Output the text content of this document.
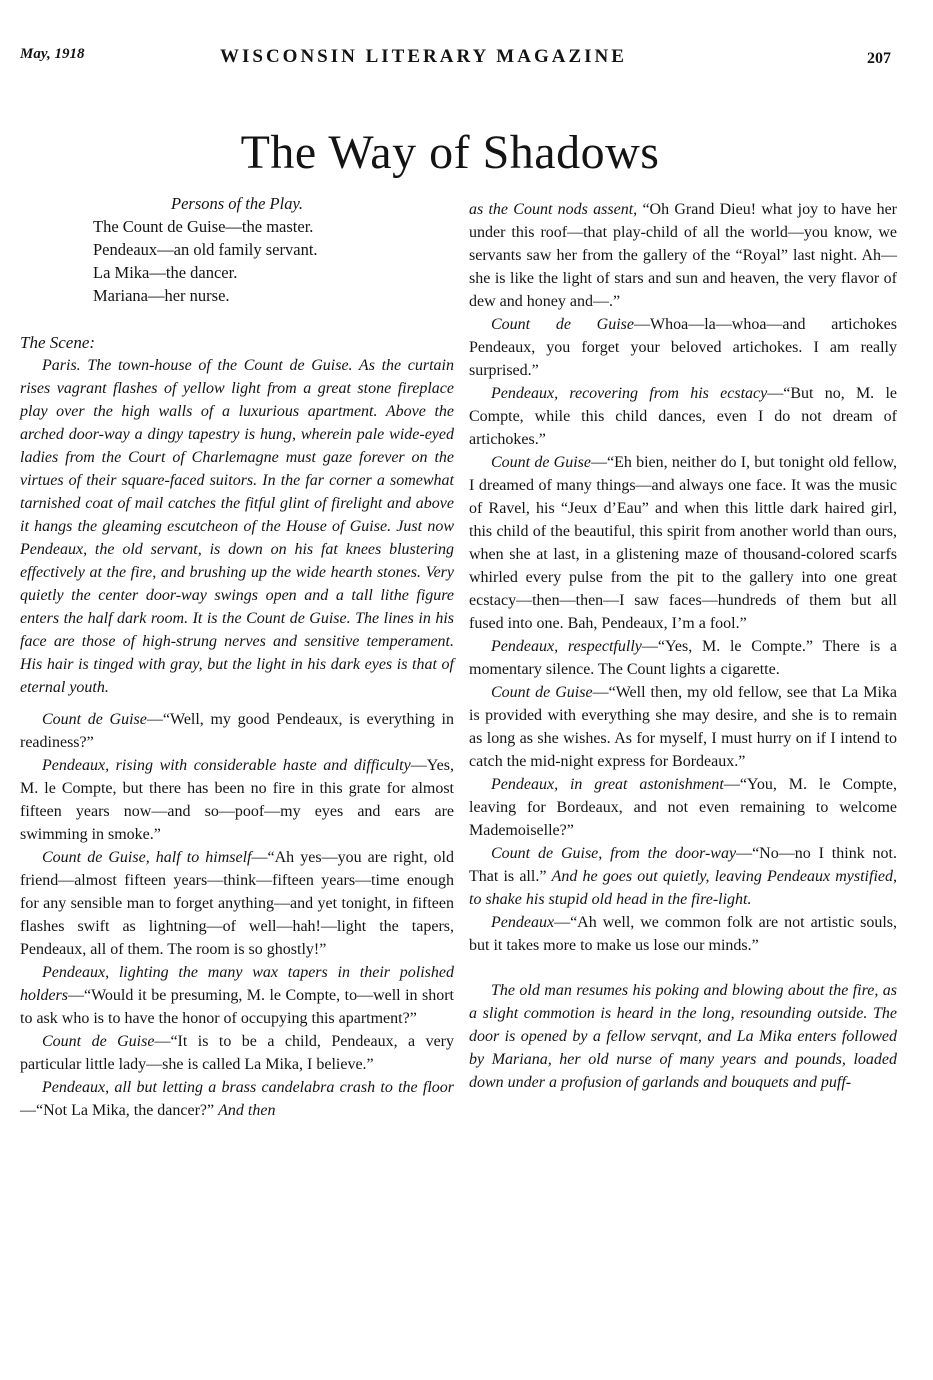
May, 1918	WISCONSIN LITERARY MAGAZINE	207
The Way of Shadows

Persons of the Play.

The Count de Guise—the master.
Pendeaux—an old family servant.
La Mika—the dancer.
Mariana—her nurse.

The Scene:

Paris. The town-house of the Count de Guise. As the curtain rises vagrant flashes of yellow light from a great stone fireplace play over the high walls of a luxurious apartment. Above the arched door-way a dingy tapestry is hung, wherein pale wide-eyed ladies from the Court of Charlemagne must gaze forever on the virtues of their square-faced suitors. In the far corner a somewhat tarnished coat of mail catches the fitful glint of firelight and above it hangs the gleaming escutcheon of the House of Guise. Just now Pendeaux, the old servant, is down on his fat knees blustering effectively at the fire, and brushing up the wide hearth stones. Very quietly the center door-way swings open and a tall lithe figure enters the half dark room. It is the Count de Guise. The lines in his face are those of high-strung nerves and sensitive temperament. His hair is tinged with gray, but the light in his dark eyes is that of eternal youth.

Count de Guise—“Well, my good Pendeaux, is everything in readiness?”

Pendeaux, rising with considerable haste and difficulty—Yes, M. le Compte, but there has been no fire in this grate for almost fifteen years now—and so—poof—my eyes and ears are swimming in smoke.”

Count de Guise, half to himself—“Ah yes—you are right, old friend—almost fifteen years—think—fifteen years—time enough for any sensible man to forget anything—and yet tonight, in fifteen flashes swift as lightning—of well—hah!—light the tapers, Pendeaux, all of them. The room is so ghostly!”

Pendeaux, lighting the many wax tapers in their polished holders—“Would it be presuming, M. le Compte, to—well in short to ask who is to have the honor of occupying this apartment?”

Count de Guise—“It is to be a child, Pendeaux, a very particular little lady—she is called La Mika, I believe.”

Pendeaux, all but letting a brass candelabra crash to the floor—“Not La Mika, the dancer?” And then

as the Count nods assent, “Oh Grand Dieu! what joy to have her under this roof—that play-child of all the world—you know, we servants saw her from the gallery of the “Royal” last night. Ah—she is like the light of stars and sun and heaven, the very flavor of dew and honey and—.”

Count de Guise—Whoa—la—whoa—and artichokes Pendeaux, you forget your beloved artichokes. I am really surprised.”

Pendeaux, recovering from his ecstacy—“But no, M. le Compte, while this child dances, even I do not dream of artichokes.”

Count de Guise—“Eh bien, neither do I, but tonight old fellow, I dreamed of many things—and always one face. It was the music of Ravel, his “Jeux d’Eau” and when this little dark haired girl, this child of the beautiful, this spirit from another world than ours, when she at last, in a glistening maze of thousand-colored scarfs whirled every pulse from the pit to the gallery into one great ecstacy—then—then—I saw faces—hundreds of them but all fused into one. Bah, Pendeaux, I’m a fool.”

Pendeaux, respectfully—“Yes, M. le Compte.” There is a momentary silence. The Count lights a cigarette.

Count de Guise—“Well then, my old fellow, see that La Mika is provided with everything she may desire, and she is to remain as long as she wishes. As for myself, I must hurry on if I intend to catch the mid-night express for Bordeaux.”

Pendeaux, in great astonishment—“You, M. le Compte, leaving for Bordeaux, and not even remaining to welcome Mademoiselle?”

Count de Guise, from the door-way—“No—no I think not. That is all.” And he goes out quietly, leaving Pendeaux mystified, to shake his stupid old head in the fire-light.

Pendeaux—“Ah well, we common folk are not artistic souls, but it takes more to make us lose our minds.”

The old man resumes his poking and blowing about the fire, as a slight commotion is heard in the long, resounding outside. The door is opened by a fellow servqnt, and La Mika enters followed by Mariana, her old nurse of many years and pounds, loaded down under a profusion of garlands and bouquets and puff-
